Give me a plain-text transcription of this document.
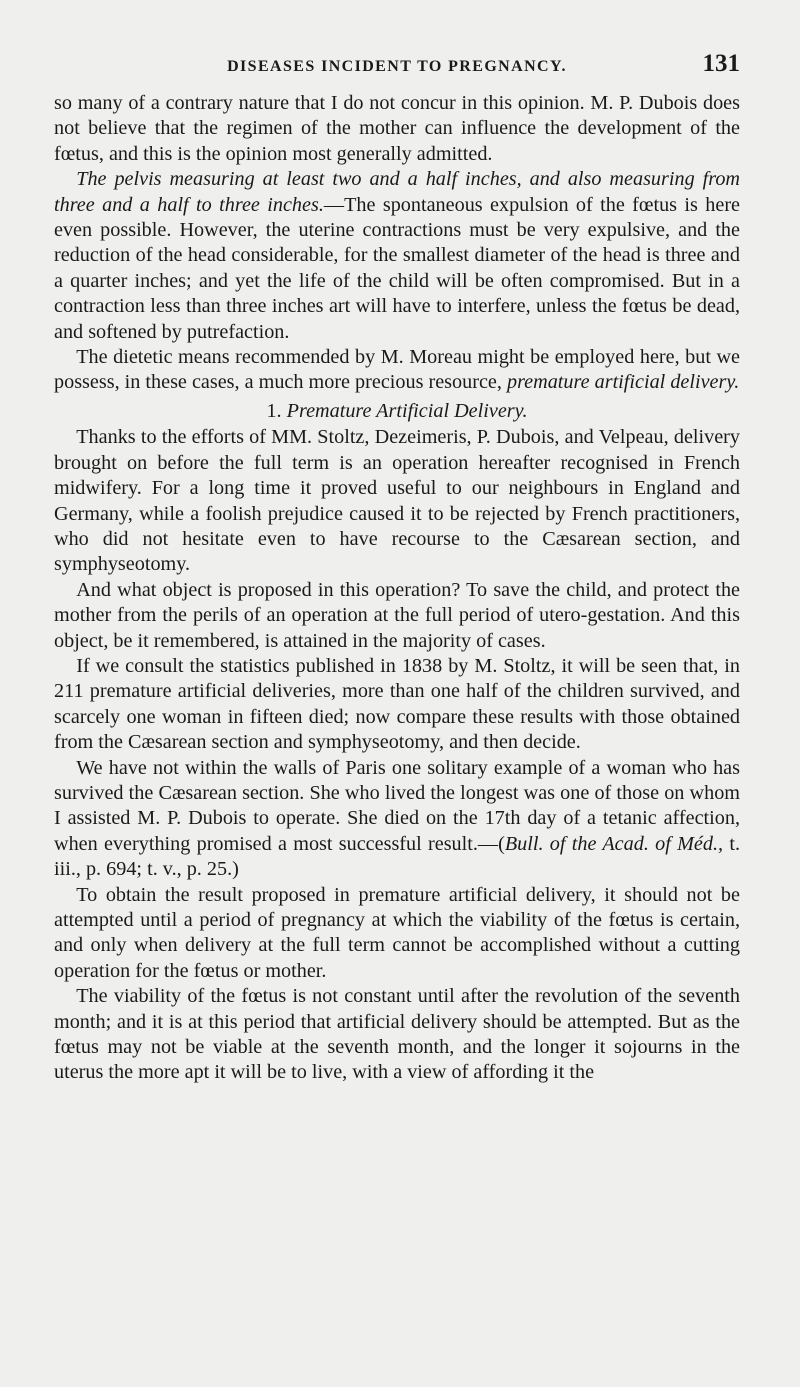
DISEASES INCIDENT TO PREGNANCY.	131

so many of a contrary nature that I do not concur in this opinion. M. P. Dubois does not believe that the regimen of the mother can influence the development of the fœtus, and this is the opinion most generally admitted.

The pelvis measuring at least two and a half inches, and also measuring from three and a half to three inches.—The spontaneous expulsion of the fœtus is here even possible. However, the uterine contractions must be very expulsive, and the reduction of the head considerable, for the smallest diameter of the head is three and a quarter inches; and yet the life of the child will be often compromised. But in a contraction less than three inches art will have to interfere, unless the fœtus be dead, and softened by putrefaction.

The dietetic means recommended by M. Moreau might be employed here, but we possess, in these cases, a much more precious resource, premature artificial delivery.

1. Premature Artificial Delivery.

Thanks to the efforts of MM. Stoltz, Dezeimeris, P. Dubois, and Velpeau, delivery brought on before the full term is an operation hereafter recognised in French midwifery. For a long time it proved useful to our neighbours in England and Germany, while a foolish prejudice caused it to be rejected by French practitioners, who did not hesitate even to have recourse to the Cæsarean section, and symphyseotomy.

And what object is proposed in this operation? To save the child, and protect the mother from the perils of an operation at the full period of utero-gestation. And this object, be it remembered, is attained in the majority of cases.

If we consult the statistics published in 1838 by M. Stoltz, it will be seen that, in 211 premature artificial deliveries, more than one half of the children survived, and scarcely one woman in fifteen died; now compare these results with those obtained from the Cæsarean section and symphyseotomy, and then decide.

We have not within the walls of Paris one solitary example of a woman who has survived the Cæsarean section. She who lived the longest was one of those on whom I assisted M. P. Dubois to operate. She died on the 17th day of a tetanic affection, when everything promised a most successful result.—(Bull. of the Acad. of Méd., t. iii., p. 694; t. v., p. 25.)

To obtain the result proposed in premature artificial delivery, it should not be attempted until a period of pregnancy at which the viability of the fœtus is certain, and only when delivery at the full term cannot be accomplished without a cutting operation for the fœtus or mother.

The viability of the fœtus is not constant until after the revolution of the seventh month; and it is at this period that artificial delivery should be attempted. But as the fœtus may not be viable at the seventh month, and the longer it sojourns in the uterus the more apt it will be to live, with a view of affording it the
